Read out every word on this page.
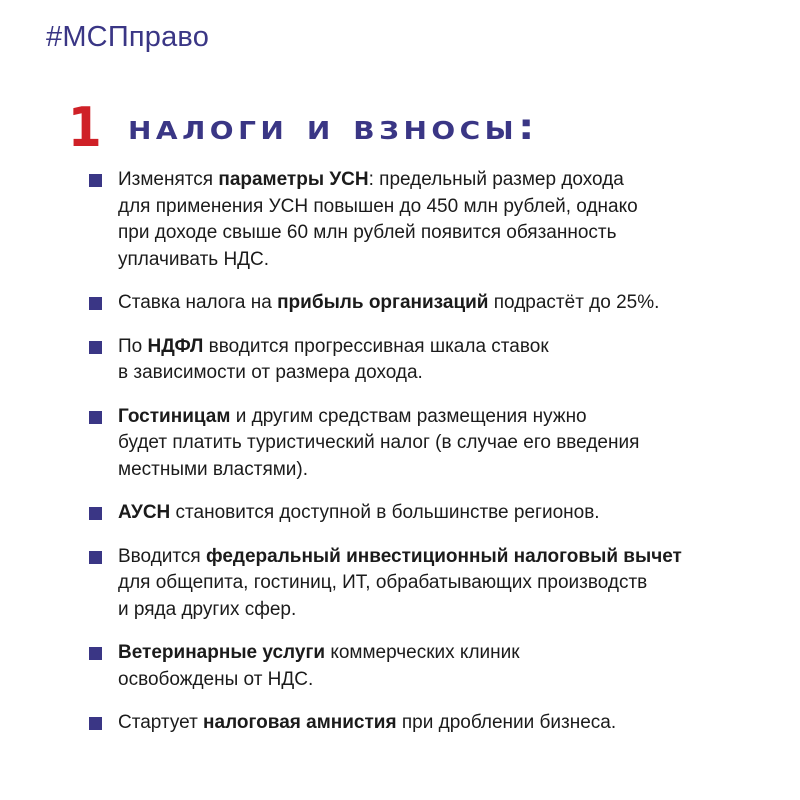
#МСПправо
1 налоги и взносы:
Изменятся параметры УСН: предельный размер дохода
для применения УСН повышен до 450 млн рублей, однако
при доходе свыше 60 млн рублей появится обязанность
уплачивать НДС.
Ставка налога на прибыль организаций подрастёт до 25%.
По НДФЛ вводится прогрессивная шкала ставок
в зависимости от размера дохода.
Гостиницам и другим средствам размещения нужно
будет платить туристический налог (в случае его введения
местными властями).
АУСН становится доступной в большинстве регионов.
Вводится федеральный инвестиционный налоговый вычет
для общепита, гостиниц, ИТ, обрабатывающих производств
и ряда других сфер.
Ветеринарные услуги коммерческих клиник
освобождены от НДС.
Стартует налоговая амнистия при дроблении бизнеса.
